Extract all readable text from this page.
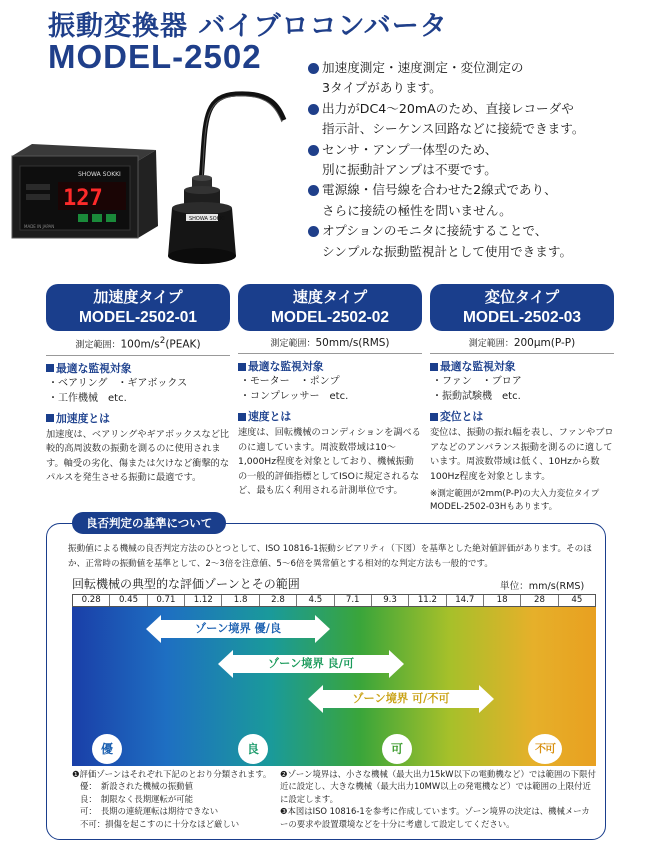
振動変換器 バイブロコンバータ
MODEL-2502
SHOWA SOKKI
127
MADE IN JAPAN
SHOWA SOKKI
加速度測定・速度測定・変位測定の
3タイプがあります。
出力がDC4～20mAのため、直接レコーダや
指示計、シーケンス回路などに接続できます。
センサ・アンプ一体型のため、
別に振動計アンプは不要です。
電源線・信号線を合わせた2線式であり、
さらに接続の極性を問いません。
オプションのモニタに接続することで、
シンプルな振動監視計として使用できます。
加速度タイプ
MODEL-2502-01
測定範囲：$100m/s^2(PEAK)$
最適な監視対象
・ベアリング　・ギアボックス
・工作機械　etc.
加速度とは
加速度は、ベアリングやギアボックスなど比較的高周波数の振動を測るのに使用されます。軸受の劣化、傷または欠けなど衝撃的なパルスを発生させる振動に最適です。
速度タイプ
MODEL-2502-02
測定範囲：50mm/s(RMS)
最適な監視対象
・モーター　・ポンプ
・コンプレッサー　etc.
速度とは
速度は、回転機械のコンディションを調べるのに適しています。周波数帯域は10～1,000Hz程度を対象としており、機械振動の一般的評価指標としてISOに規定されるなど、最も広く利用される計測単位です。
変位タイプ
MODEL-2502-03
測定範囲：200μm(P-P)
最適な監視対象
・ファン　・ブロア
・振動試験機　etc.
変位とは
変位は、振動の振れ幅を表し、ファンやブロアなどのアンバランス振動を測るのに適しています。周波数帯域は低く、10Hzから数100Hz程度を対象とします。
※測定範囲が2mm(P-P)の大入力変位タイプMODEL-2502-03Hもあります。
良否判定の基準について
振動値による機械の良否判定方法のひとつとして、ISO 10816-1振動シビアリティ（下図）を基準とした絶対値評価があります。そのほか、正常時の振動値を基準として、2～3倍を注意値、5～6倍を異常値とする相対的な判定方法も一般的です。
回転機械の典型的な評価ゾーンとその範囲	単位：mm/s(RMS)
0.28	0.45	0.71	1.12	1.8	2.8	4.5	7.1	9.3	11.2	14.7	18	28	45
ゾーン境界 優/良
ゾーン境界 良/可
ゾーン境界 可/不可
優	良	可	不可
❶評価ゾーンはそれぞれ下記のとおり分類されます。
優：　新設された機械の振動値
良：　制限なく長期運転が可能
可：　長期の連続運転は期待できない
不可：損傷を起こすのに十分なほど厳しい
❷ゾーン境界は、小さな機械（最大出力15kW以下の電動機など）では範囲の下限付近に設定し、大きな機械（最大出力10MW以上の発電機など）では範囲の上限付近に設定します。
❸本図はISO 10816-1を参考に作成しています。ゾーン境界の決定は、機械メーカーの要求や設置環境などを十分に考慮して設定してください。
